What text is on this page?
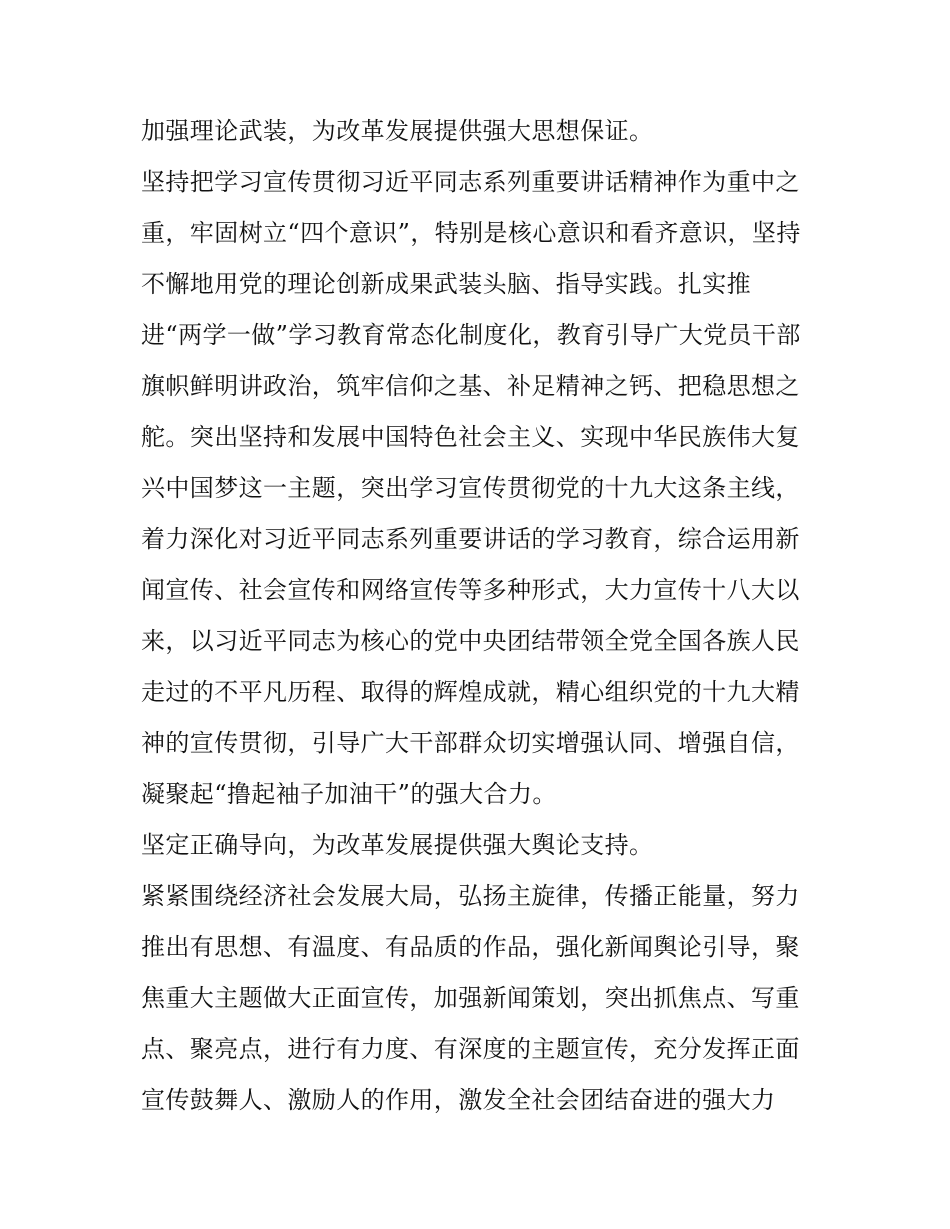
加强理论武装，为改革发展提供强大思想保证。
坚持把学习宣传贯彻习近平同志系列重要讲话精神作为重中之
重，牢固树立“四个意识”，特别是核心意识和看齐意识，坚持
不懈地用党的理论创新成果武装头脑、指导实践。扎实推
进“两学一做”学习教育常态化制度化，教育引导广大党员干部
旗帜鲜明讲政治，筑牢信仰之基、补足精神之钙、把稳思想之
舵。突出坚持和发展中国特色社会主义、实现中华民族伟大复
兴中国梦这一主题，突出学习宣传贯彻党的十九大这条主线，
着力深化对习近平同志系列重要讲话的学习教育，综合运用新
闻宣传、社会宣传和网络宣传等多种形式，大力宣传十八大以
来，以习近平同志为核心的党中央团结带领全党全国各族人民
走过的不平凡历程、取得的辉煌成就，精心组织党的十九大精
神的宣传贯彻，引导广大干部群众切实增强认同、增强自信，
凝聚起“撸起袖子加油干”的强大合力。
坚定正确导向，为改革发展提供强大舆论支持。
紧紧围绕经济社会发展大局，弘扬主旋律，传播正能量，努力
推出有思想、有温度、有品质的作品，强化新闻舆论引导，聚
焦重大主题做大正面宣传，加强新闻策划，突出抓焦点、写重
点、聚亮点，进行有力度、有深度的主题宣传，充分发挥正面
宣传鼓舞人、激励人的作用，激发全社会团结奋进的强大力
